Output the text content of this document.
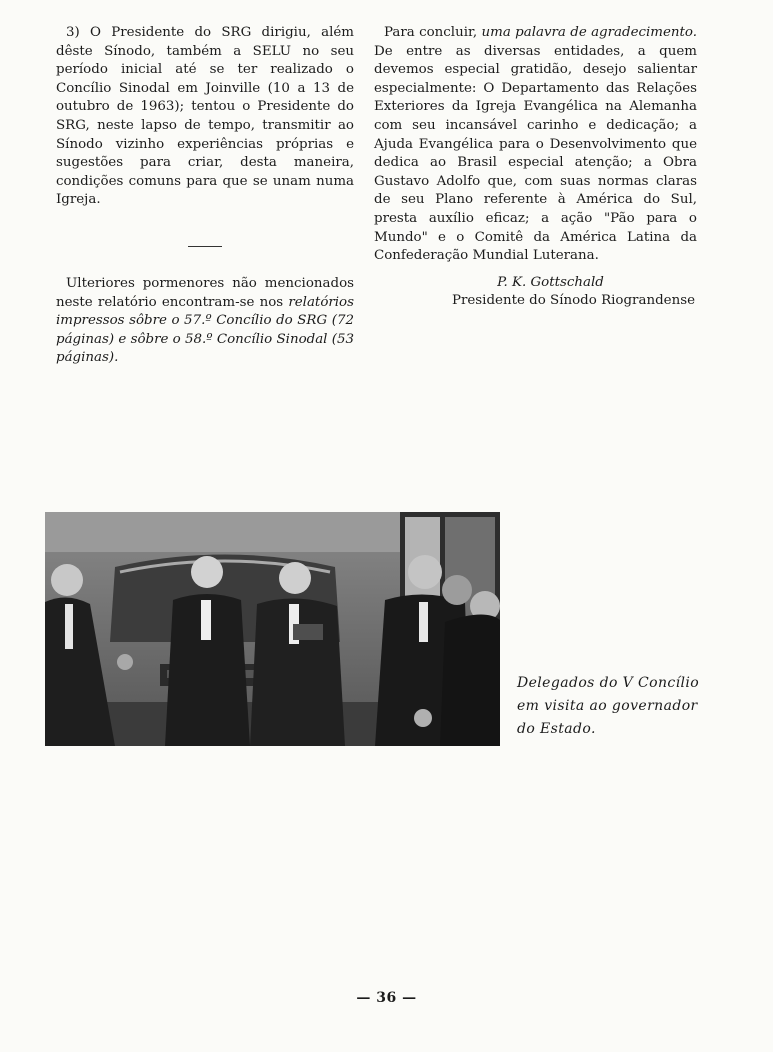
3) O Presidente do SRG dirigiu, além dêste Sínodo, também a SELU no seu período inicial até se ter realizado o Concílio Sinodal em Joinville (10 a 13 de outubro de 1963); tentou o Presidente do SRG, neste lapso de tempo, transmitir ao Sínodo vizinho experiências próprias e sugestões para criar, desta maneira, condições comuns para que se unam numa Igreja.

Ulteriores pormenores não mencionados neste relatório encontram-se nos relatórios impressos sôbre o 57.º Concílio do SRG (72 páginas) e sôbre o 58.º Concílio Sinodal (53 páginas).

Para concluir, uma palavra de agradecimento. De entre as diversas entidades, a quem devemos especial gratidão, desejo salientar especialmente: O Departamento das Relações Exteriores da Igreja Evangélica na Alemanha com seu incansável carinho e dedicação; a Ajuda Evangélica para o Desenvolvimento que dedica ao Brasil especial atenção; a Obra Gustavo Adolfo que, com suas normas claras de seu Plano referente à América do Sul, presta auxílio eficaz; a ação "Pão para o Mundo" e o Comitê da América Latina da Confederação Mundial Luterana.

P. K. Gottschald
Presidente do Sínodo Riograndense
Delegados do V Concílio
em visita ao governador
do Estado.
— 36 —
